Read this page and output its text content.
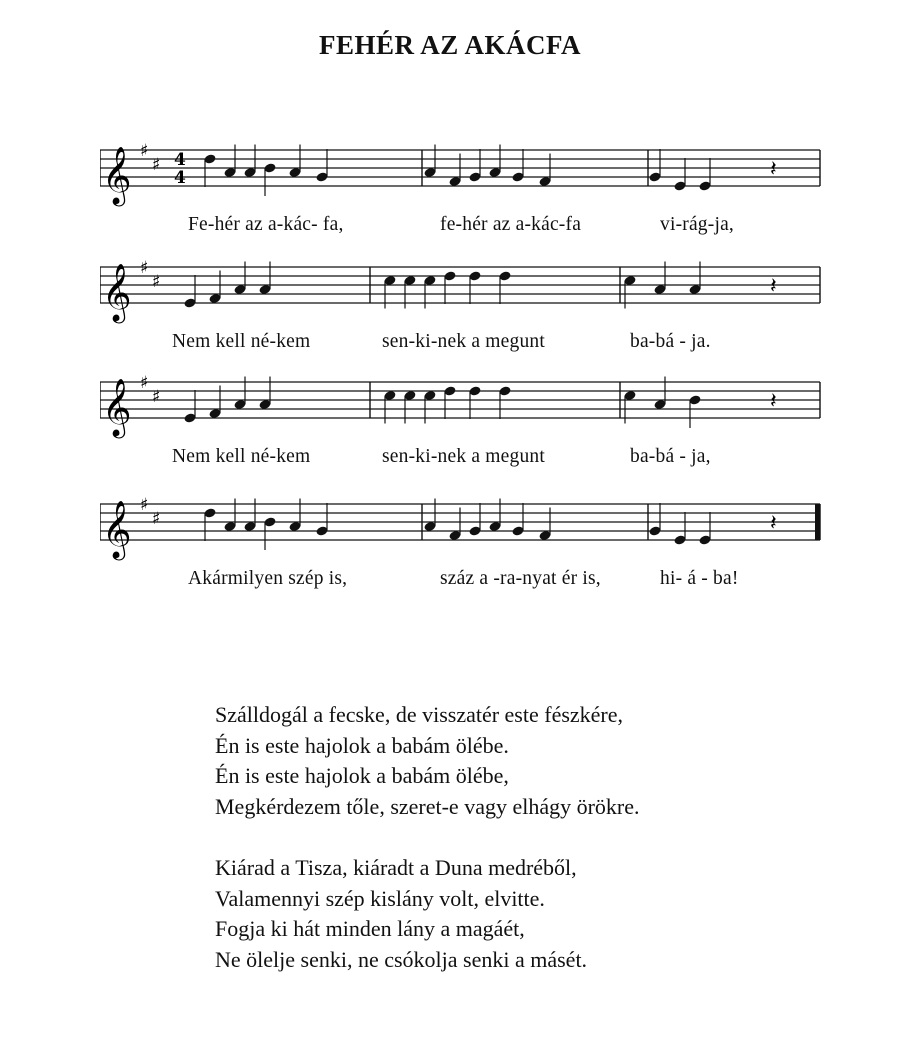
FEHÉR AZ AKÁCFA
𝄞 ♯
♯ 4
4	𝄽
Fe-hér az a-kác- fa,	fe-hér az a-kác-fa	vi-rág-ja,
𝄞 ♯
♯	𝄽
Nem kell né-kem	sen-ki-nek a megunt	ba-bá - ja.
𝄞 ♯
♯	𝄽
Nem kell né-kem	sen-ki-nek a megunt	ba-bá - ja,
𝄞 ♯
♯	𝄽
Akármilyen szép is,	száz a -ra-nyat ér is,	hi- á - ba!
Szálldogál a fecske, de visszatér este fészkére,
Én is este hajolok a babám ölébe.
Én is este hajolok a babám ölébe,
Megkérdezem tőle, szeret-e vagy elhágy örökre.
Kiárad a Tisza, kiáradt a Duna medréből,
Valamennyi szép kislány volt, elvitte.
Fogja ki hát minden lány a magáét,
Ne ölelje senki, ne csókolja senki a másét.
